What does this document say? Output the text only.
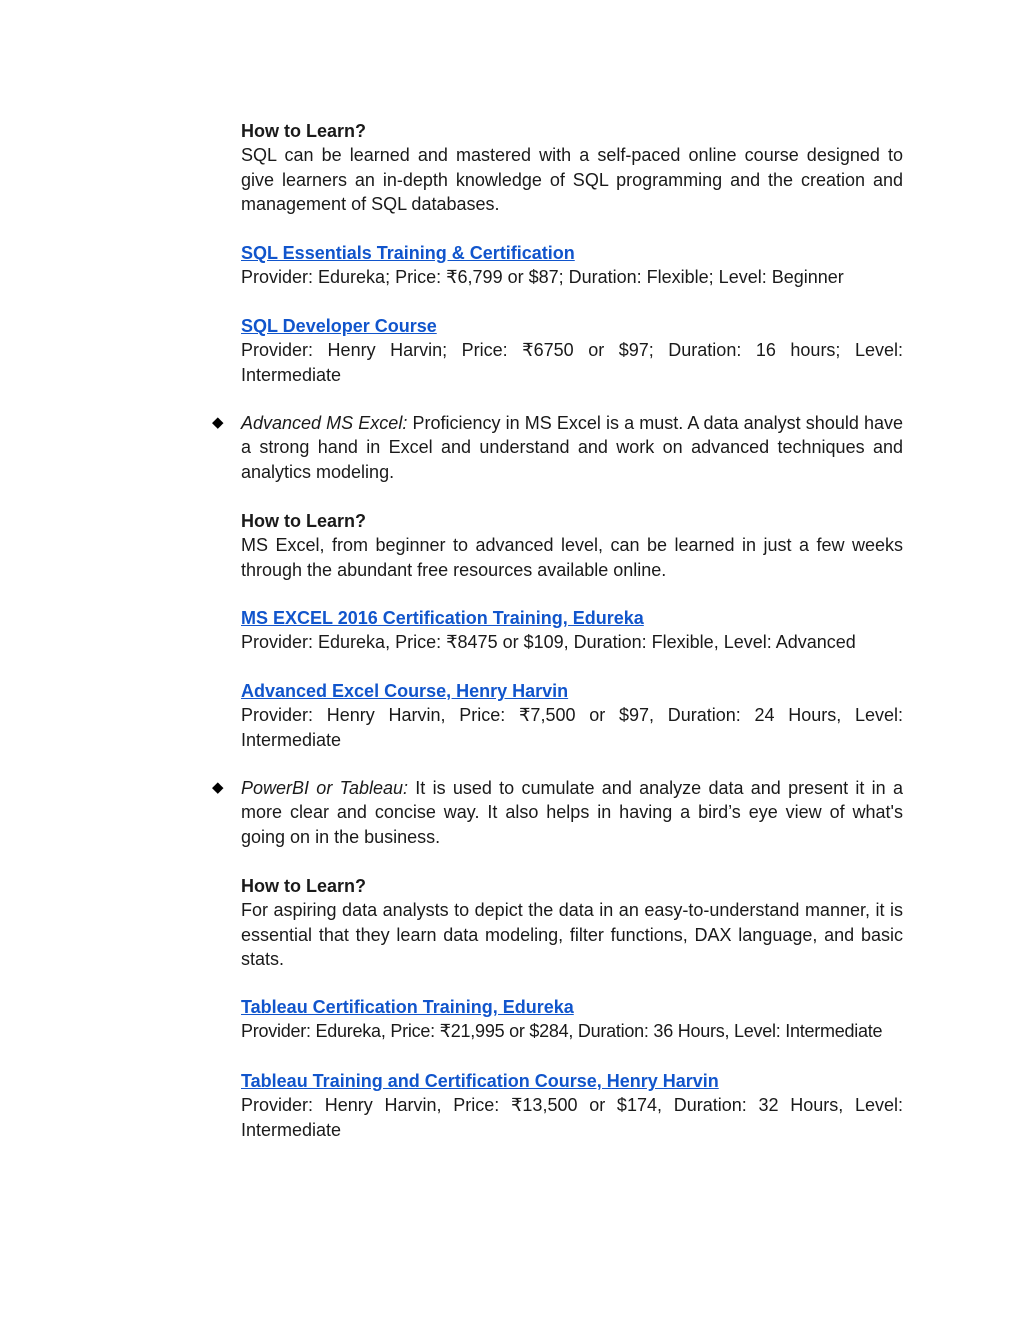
How to Learn?
SQL can be learned and mastered with a self-paced online course designed to give learners an in-depth knowledge of SQL programming and the creation and management of SQL databases.
SQL Essentials Training & Certification
Provider: Edureka; Price: ₹6,799 or $87; Duration: Flexible; Level: Beginner
SQL Developer Course
Provider: Henry Harvin; Price: ₹6750 or $97; Duration: 16 hours; Level: Intermediate
◆ Advanced MS Excel: Proficiency in MS Excel is a must. A data analyst should have a strong hand in Excel and understand and work on advanced techniques and analytics modeling.
How to Learn?
MS Excel, from beginner to advanced level, can be learned in just a few weeks through the abundant free resources available online.
MS EXCEL 2016 Certification Training, Edureka
Provider: Edureka, Price: ₹8475 or $109, Duration: Flexible, Level: Advanced
Advanced Excel Course, Henry Harvin
Provider: Henry Harvin, Price: ₹7,500 or $97, Duration: 24 Hours, Level: Intermediate
◆ PowerBI or Tableau: It is used to cumulate and analyze data and present it in a more clear and concise way. It also helps in having a bird’s eye view of what's going on in the business.
How to Learn?
For aspiring data analysts to depict the data in an easy-to-understand manner, it is essential that they learn data modeling, filter functions, DAX language, and basic stats.
Tableau Certification Training, Edureka
Provider: Edureka, Price: ₹21,995 or $284, Duration: 36 Hours, Level: Intermediate
Tableau Training and Certification Course, Henry Harvin
Provider: Henry Harvin, Price: ₹13,500 or $174, Duration: 32 Hours, Level: Intermediate
